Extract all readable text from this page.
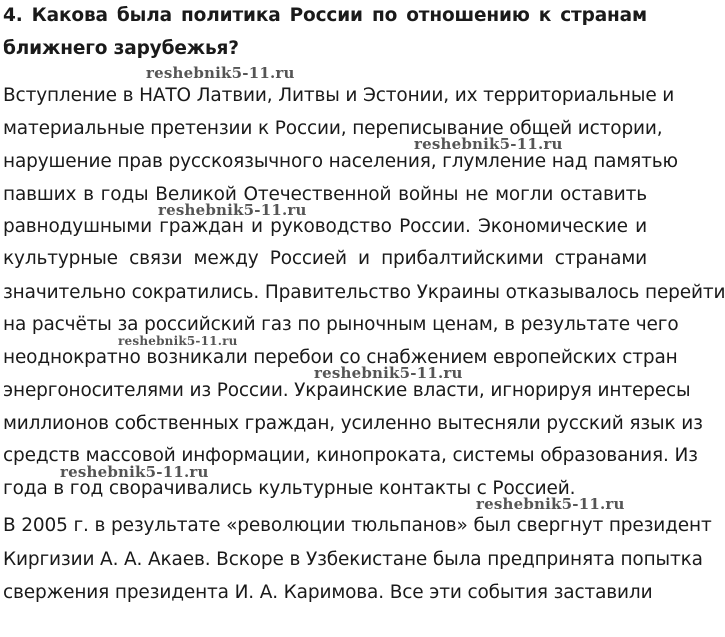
4. Какова была политика России по отношению к странам
ближнего зарубежья?
Вступление в НАТО Латвии, Литвы и Эстонии, их территориальные и
материальные претензии к России, переписывание общей истории,
нарушение прав русскоязычного населения, глумление над памятью
павших в годы Великой Отечественной войны не могли оставить
равнодушными граждан и руководство России. Экономические и
культурные связи между Россией и прибалтийскими странами
значительно сократились. Правительство Украины отказывалось перейти
на расчёты за российский газ по рыночным ценам, в результате чего
неоднократно возникали перебои со снабжением европейских стран
энергоносителями из России. Украинские власти, игнорируя интересы
миллионов собственных граждан, усиленно вытесняли русский язык из
средств массовой информации, кинопроката, системы образования. Из
года в год сворачивались культурные контакты с Россией.
В 2005 г. в результате «революции тюльпанов» был свергнут президент
Киргизии А. А. Акаев. Вскоре в Узбекистане была предпринята попытка
свержения президента И. А. Каримова. Все эти события заставили
reshebnik5-11.ru
reshebnik5-11.ru
reshebnik5-11.ru
reshebnik5-11.ru
reshebnik5-11.ru
reshebnik5-11.ru
reshebnik5-11.ru
